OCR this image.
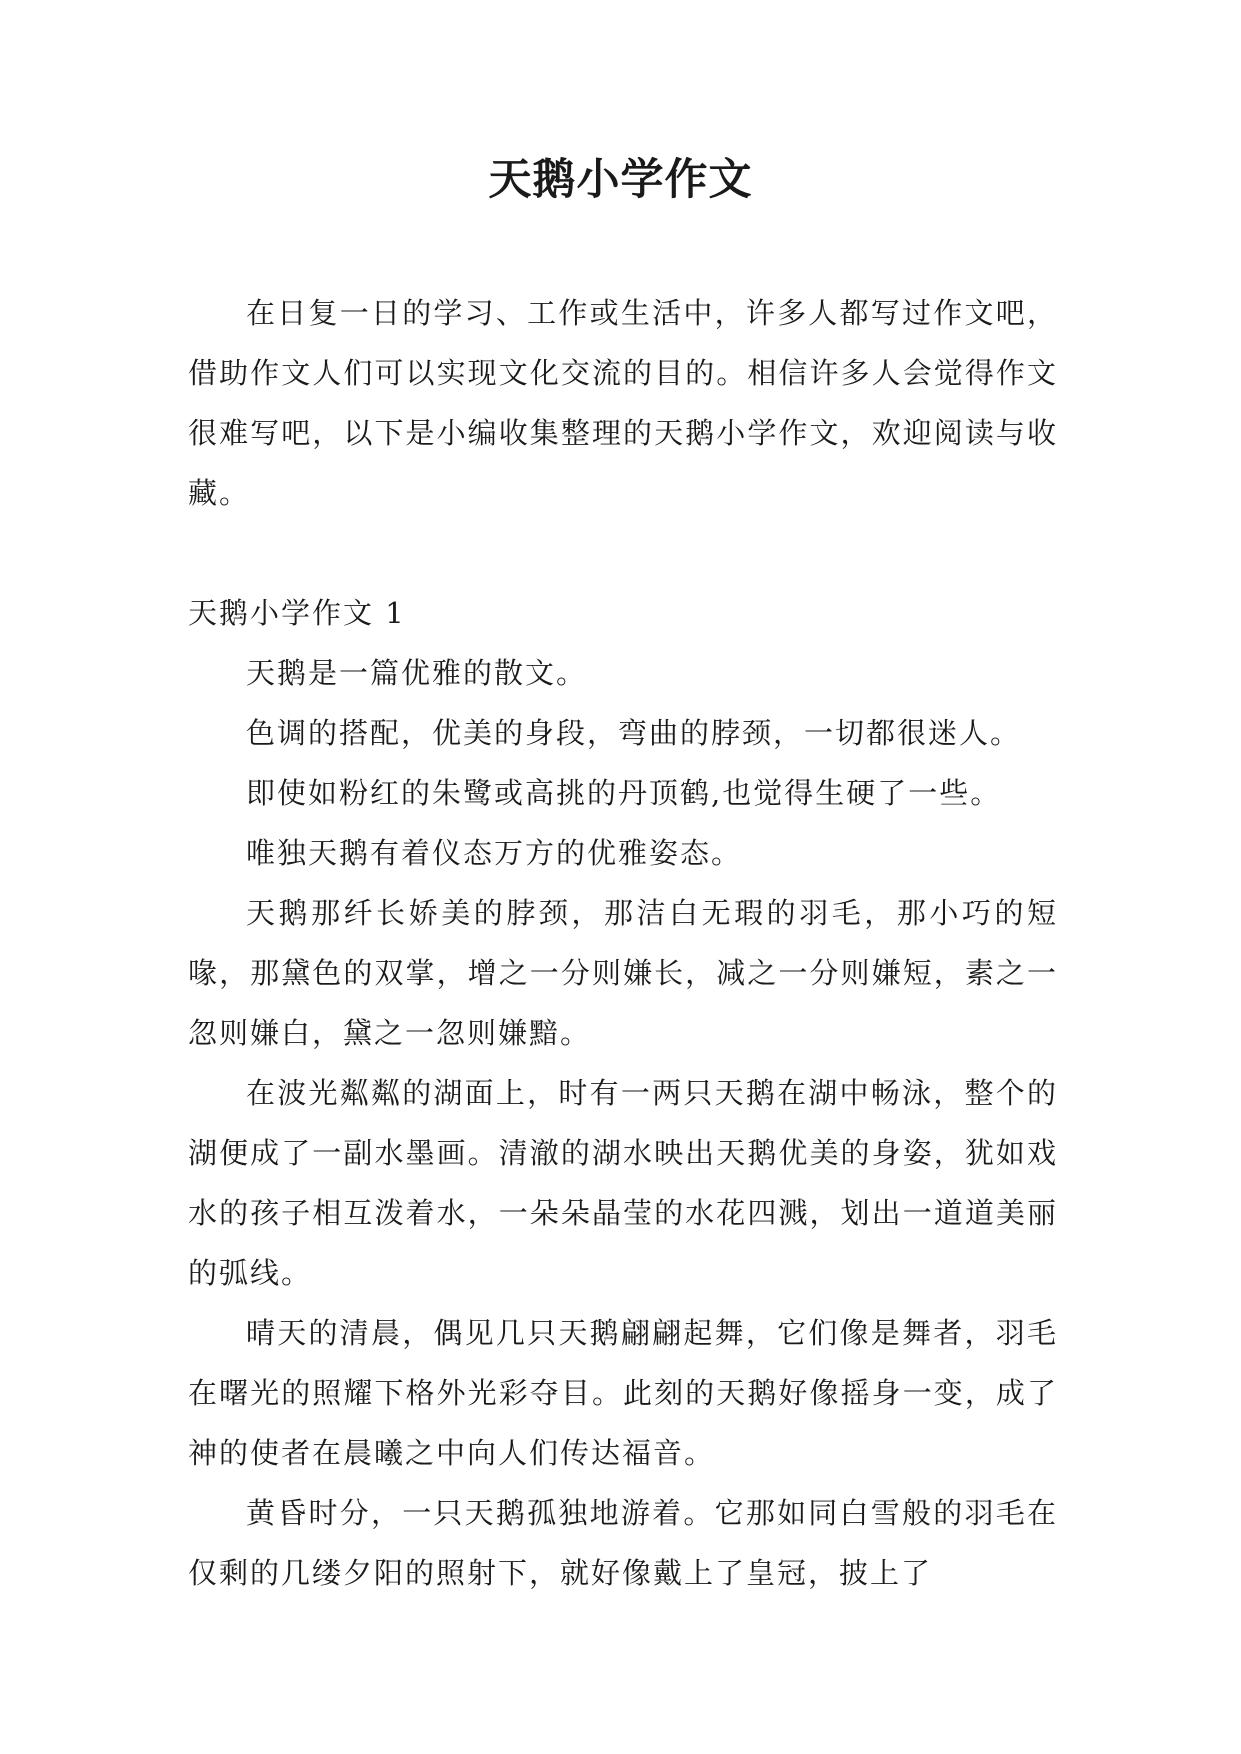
天鹅小学作文

在日复一日的学习、工作或生活中，许多人都写过作文吧，借助作文人们可以实现文化交流的目的。相信许多人会觉得作文很难写吧，以下是小编收集整理的天鹅小学作文，欢迎阅读与收藏。

天鹅小学作文 1

天鹅是一篇优雅的散文。

色调的搭配，优美的身段，弯曲的脖颈，一切都很迷人。

即使如粉红的朱鹭或高挑的丹顶鹤,也觉得生硬了一些。

唯独天鹅有着仪态万方的优雅姿态。

天鹅那纤长娇美的脖颈，那洁白无瑕的羽毛，那小巧的短喙，那黛色的双掌，增之一分则嫌长，减之一分则嫌短，素之一忽则嫌白，黛之一忽则嫌黯。

在波光粼粼的湖面上，时有一两只天鹅在湖中畅泳，整个的湖便成了一副水墨画。清澈的湖水映出天鹅优美的身姿，犹如戏水的孩子相互泼着水，一朵朵晶莹的水花四溅，划出一道道美丽的弧线。

晴天的清晨，偶见几只天鹅翩翩起舞，它们像是舞者，羽毛在曙光的照耀下格外光彩夺目。此刻的天鹅好像摇身一变，成了神的使者在晨曦之中向人们传达福音。

黄昏时分，一只天鹅孤独地游着。它那如同白雪般的羽毛在仅剩的几缕夕阳的照射下，就好像戴上了皇冠，披上了
